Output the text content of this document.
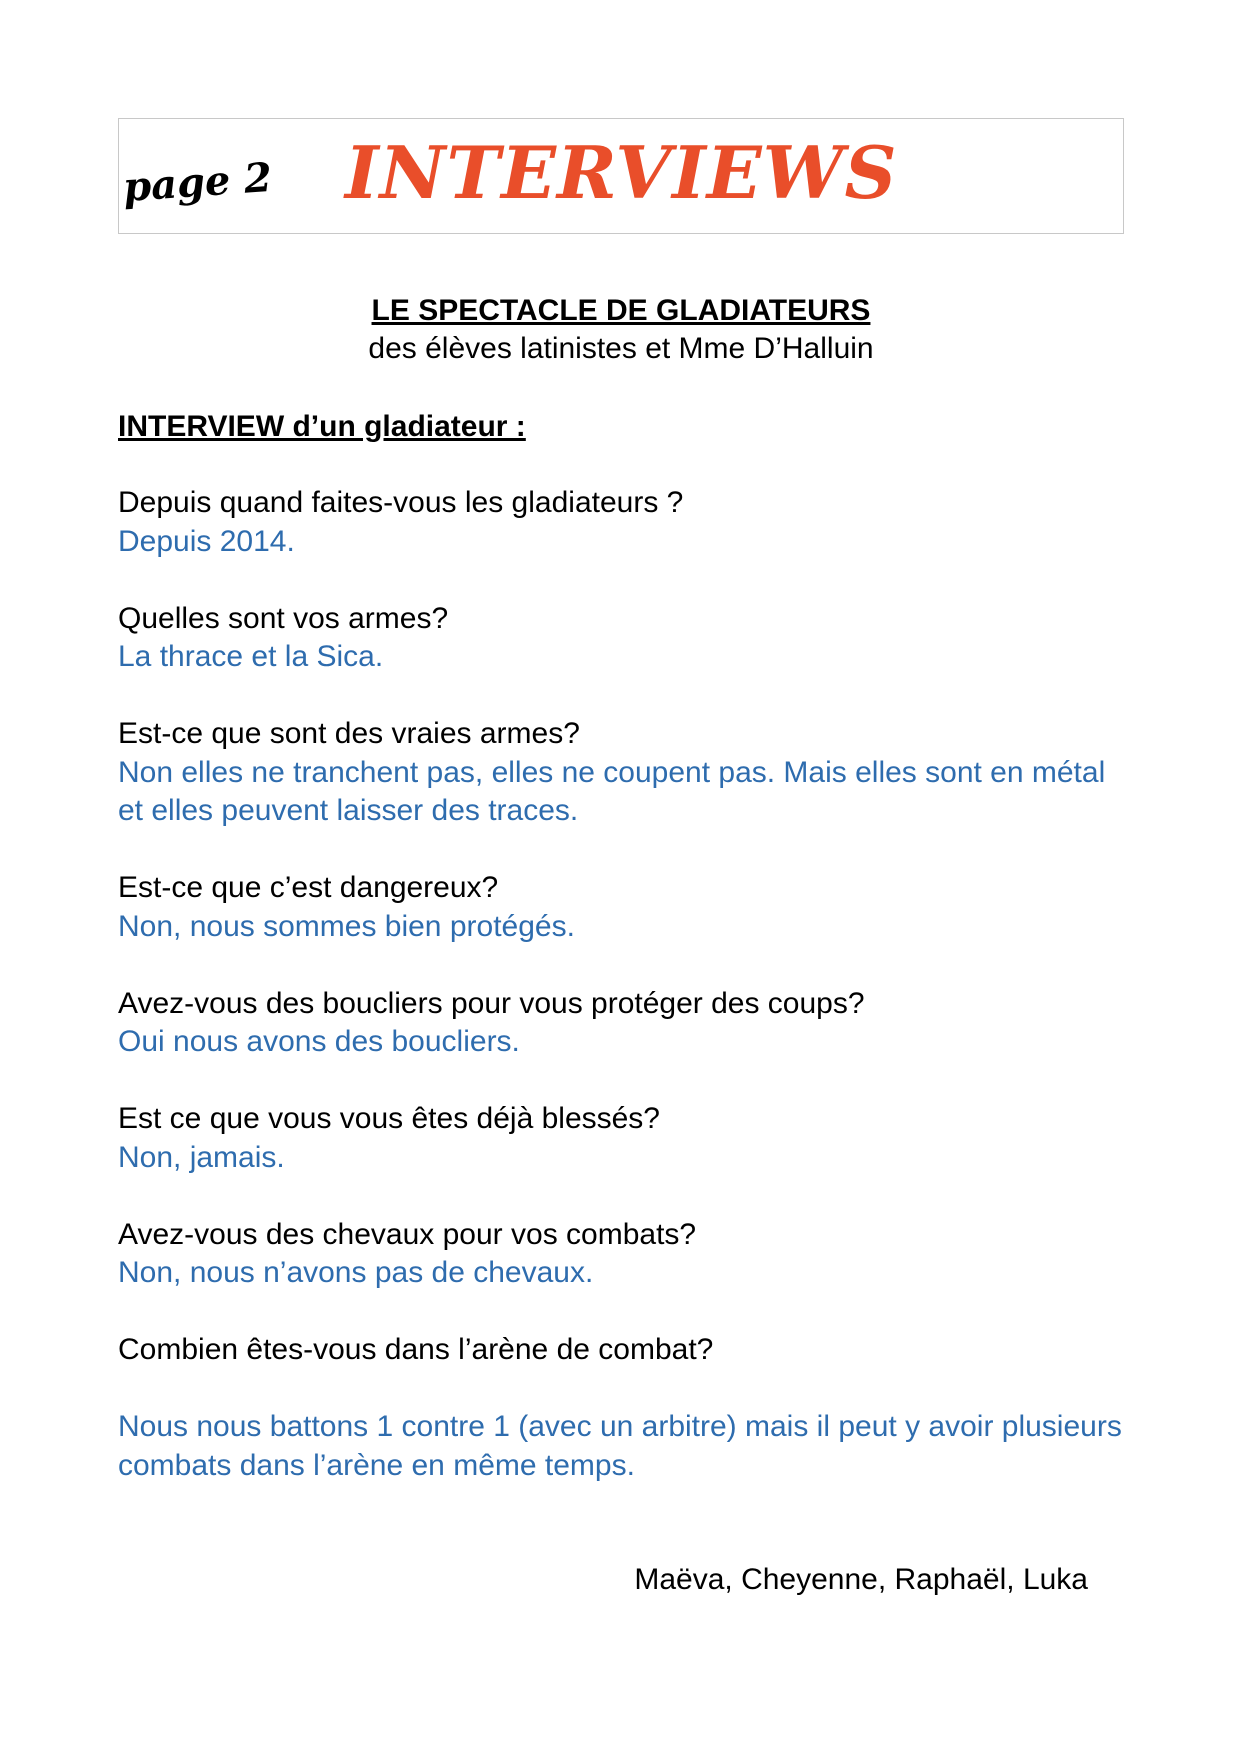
page 2 INTERVIEWS
LE SPECTACLE DE GLADIATEURS
des élèves latinistes et Mme D’Halluin
INTERVIEW d’un gladiateur :
Depuis quand faites-vous les gladiateurs ?
Depuis 2014.
Quelles sont vos armes?
La thrace et la Sica.
Est-ce que sont des vraies armes?
Non elles ne tranchent pas, elles ne coupent pas. Mais elles sont en métal et elles peuvent laisser des traces.
Est-ce que c’est dangereux?
Non, nous sommes bien protégés.
Avez-vous des boucliers pour vous protéger des coups?
Oui nous avons des boucliers.
Est ce que vous vous êtes déjà blessés?
Non, jamais.
Avez-vous des chevaux pour vos combats?
Non, nous n’avons pas de chevaux.
Combien êtes-vous dans l’arène de combat?
Nous nous battons 1 contre 1 (avec un arbitre) mais il peut y avoir plusieurs combats dans l’arène en même temps.
Maëva, Cheyenne, Raphaël, Luka
